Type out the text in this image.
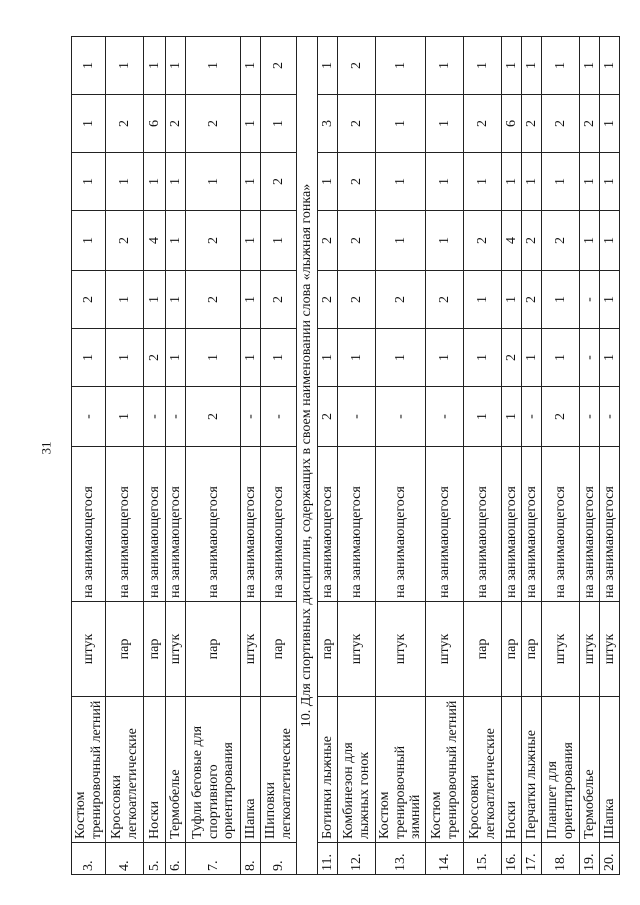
31
3.	Костюм тренировочный летний	штук	на занимающегося	-	1	2	1	1	1	1
4.	Кроссовки легкоатлетические	пар	на занимающегося	1	1	1	2	1	2	1
5.	Носки	пар	на занимающегося	-	2	1	4	1	6	1
6.	Термобелье	штук	на занимающегося	-	1	1	1	1	2	1
7.	Туфли беговые для спортивного ориентирования	пар	на занимающегося	2	1	2	2	1	2	1
8.	Шапка	штук	на занимающегося	-	1	1	1	1	1	1
9.	Шиповки легкоатлетические	пар	на занимающегося	-	1	2	1	2	1	2
10. Для спортивных дисциплин, содержащих в своем наименовании слова «лыжная гонка»										
11.	Ботинки лыжные	пар	на занимающегося	2	1	2	2	1	3	1
12.	Комбинезон для лыжных гонок	штук	на занимающегося	-	1	2	2	2	2	2
13.	Костюм тренировочный зимний	штук	на занимающегося	-	1	2	1	1	1	1
14.	Костюм тренировочный летний	штук	на занимающегося	-	1	2	1	1	1	1
15.	Кроссовки легкоатлетические	пар	на занимающегося	1	1	1	2	1	2	1
16.	Носки	пар	на занимающегося	1	2	1	4	1	6	1
17.	Перчатки лыжные	пар	на занимающегося	-	1	2	2	1	2	1
18.	Планшет для ориентирования	штук	на занимающегося	2	1	1	2	1	2	1
19.	Термобелье	штук	на занимающегося	-	-	-	1	1	2	1
20.	Шапка	штук	на занимающегося	-	1	1	1	1	1	1
